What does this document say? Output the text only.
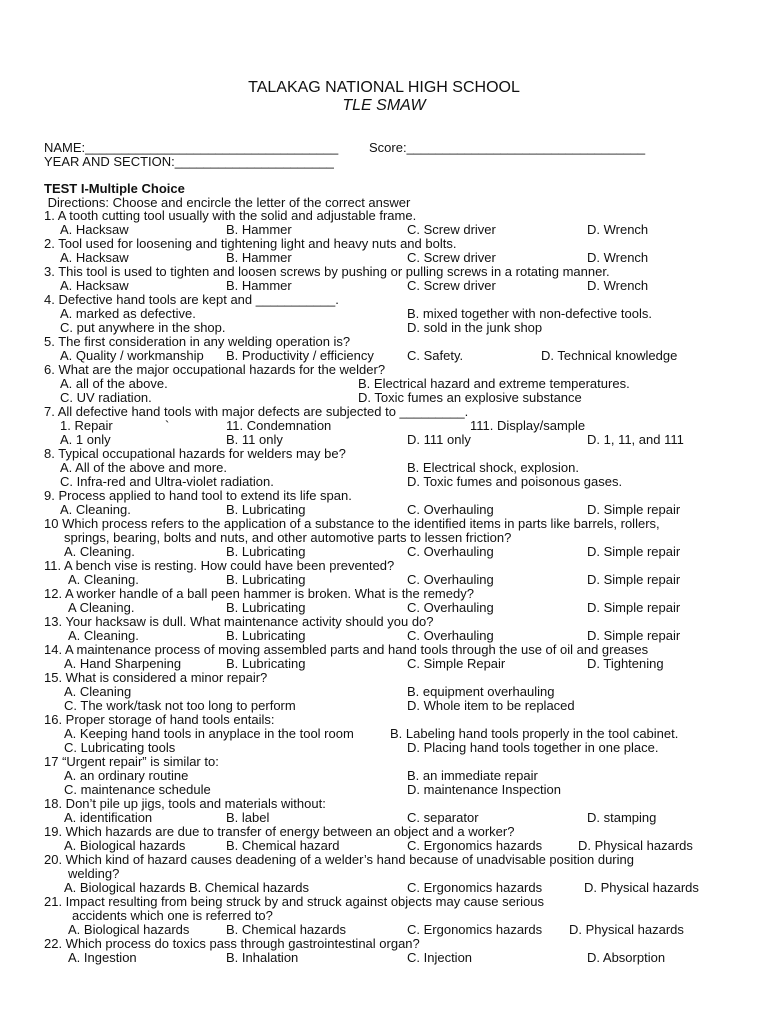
TALAKAG NATIONAL HIGH SCHOOL
TLE SMAW
NAME:___________________________________ Score:_________________________________
YEAR AND SECTION:______________________
TEST I-Multiple Choice
Directions: Choose and encircle the letter of the correct answer
1. A tooth cutting tool usually with the solid and adjustable frame.
A. Hacksaw	B. Hammer	C. Screw driver	D. Wrench
2. Tool used for loosening and tightening light and heavy nuts and bolts.
A. Hacksaw	B. Hammer	C. Screw driver	D. Wrench
3. This tool is used to tighten and loosen screws by pushing or pulling screws in a rotating manner.
A. Hacksaw	B. Hammer	C. Screw driver	D. Wrench
4. Defective hand tools are kept and ___________.
A. marked as defective.	B. mixed together with non-defective tools.
C. put anywhere in the shop.	D. sold in the junk shop
5. The first consideration in any welding operation is?
A. Quality / workmanship B. Productivity / efficiency	C. Safety.	D. Technical knowledge
6. What are the major occupational hazards for the welder?
A. all of the above.	B. Electrical hazard and extreme temperatures.
C. UV radiation.	D. Toxic fumes an explosive substance
7. All defective hand tools with major defects are subjected to _________.
1. Repair	`	11. Condemnation	111. Display/sample
A. 1 only	B. 11 only	D. 111 only	D. 1, 11, and 111
8. Typical occupational hazards for welders may be?
A. All of the above and more.	B. Electrical shock, explosion.
C. Infra-red and Ultra-violet radiation.	D. Toxic fumes and poisonous gases.
9. Process applied to hand tool to extend its life span.
A. Cleaning.	B. Lubricating	C. Overhauling	D. Simple repair
10 Which process refers to the application of a substance to the identified items in parts like barrels, rollers,
springs, bearing, bolts and nuts, and other automotive parts to lessen friction?
A. Cleaning.	B. Lubricating	C. Overhauling	D. Simple repair
11. A bench vise is resting. How could have been prevented?
A. Cleaning.	B. Lubricating	C. Overhauling	D. Simple repair
12. A worker handle of a ball peen hammer is broken. What is the remedy?
A Cleaning.	B. Lubricating	C. Overhauling	D. Simple repair
13. Your hacksaw is dull. What maintenance activity should you do?
A. Cleaning.	B. Lubricating	C. Overhauling	D. Simple repair
14. A maintenance process of moving assembled parts and hand tools through the use of oil and greases
A. Hand Sharpening	B. Lubricating	C. Simple Repair	D. Tightening
15. What is considered a minor repair?
A. Cleaning	B. equipment overhauling
C. The work/task not too long to perform	D. Whole item to be replaced
16. Proper storage of hand tools entails:
A. Keeping hand tools in anyplace in the tool room	B. Labeling hand tools properly in the tool cabinet.
C. Lubricating tools	D. Placing hand tools together in one place.
17 “Urgent repair” is similar to:
A. an ordinary routine	B. an immediate repair
C. maintenance schedule	D. maintenance Inspection
18. Don’t pile up jigs, tools and materials without:
A. identification	B. label	C. separator	D. stamping
19. Which hazards are due to transfer of energy between an object and a worker?
A. Biological hazards	B. Chemical hazard	C. Ergonomics hazards	D. Physical hazards
20. Which kind of hazard causes deadening of a welder’s hand because of unadvisable position during
welding?
A. Biological hazards B. Chemical hazards	C. Ergonomics hazards	D. Physical hazards
21. Impact resulting from being struck by and struck against objects may cause serious
accidents which one is referred to?
A. Biological hazards	B. Chemical hazards	C. Ergonomics hazards D. Physical hazards
22. Which process do toxics pass through gastrointestinal organ?
A. Ingestion	B. Inhalation	C. Injection	D. Absorption
